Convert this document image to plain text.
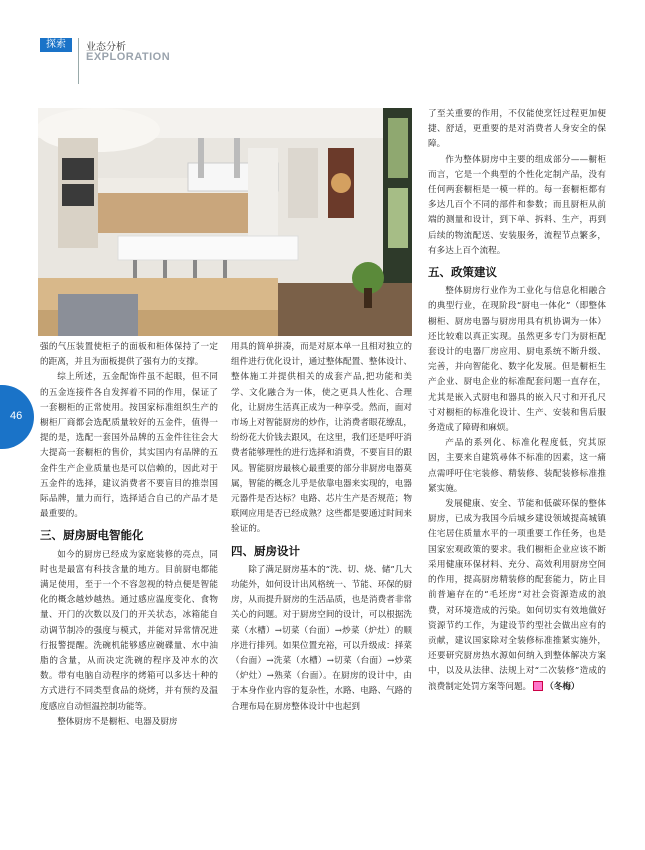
探索	业态分析
EXPLORATION
46

强的气压装置使柜子的面板和柜体保持了一定的距离，并且为面板提供了强有力的支撑。

综上所述，五金配饰件虽不起眼，但不同的五金连接件各自发挥着不同的作用，保证了一套橱柜的正常使用。按国家标准组织生产的橱柜厂商都会选配质量较好的五金件，值得一提的是，选配一套国外品牌的五金件往往会大大提高一套橱柜的售价，其实国内有品牌的五金件生产企业质量也是可以信赖的，因此对于五金件的选择，建议消费者不要盲目的推崇国际品牌，量力而行，选择适合自己的产品才是最重要的。

三、厨房厨电智能化

如今的厨房已经成为家庭装修的亮点，同时也是最富有科技含量的地方。目前厨电都能满足使用，至于一个不容忽视的特点便是智能化的概念越炒越热。通过感应温度变化、食物量、开门的次数以及门的开关状态，冰箱能自动调节制冷的强度与模式，并能对异常情况进行报警提醒。洗碗机能够感应碗碟量、水中油脂的含量，从而决定洗碗的程序及冲水的次数。带有电脑自动程序的烤箱可以多达十种的方式进行不同类型食品的烧烤，并有预约及温度感应自动恒温控制功能等。

整体厨房不是橱柜、电器及厨房

用具的简单拼凑，而是对原本单一且相对独立的组件进行优化设计，通过整体配置、整体设计、整体施工并提供相关的成套产品,把功能和美学、文化融合为一体，使之更具人性化、合理化，让厨房生活真正成为一种享受。然而，面对市场上对智能厨房的炒作，让消费者眼花缭乱，纷纷花大价钱去跟风，在这里，我们还是呼吁消费者能够理性的进行选择和消费，不要盲目的跟风。智能厨房最核心最重要的部分非厨房电器莫属，智能的概念儿乎是依靠电器来实现的，电器元器件是否达标？电路、芯片生产是否规范；物联网应用是否已经成熟？这些都是要通过时间来验证的。

四、厨房设计

除了满足厨房基本的“洗、切、烧、储”几大功能外，如何设计出风格统一、节能、环保的厨房，从而提升厨房的生活品质，也是消费者非常关心的问题。对于厨房空间的设计，可以根据洗菜（水槽）→切菜（台面）→炒菜（炉灶）的顺序进行排列。如果位置充裕，可以升级成：择菜（台面）→洗菜（水槽）→切菜（台面）→炒菜（炉灶）→熟菜（台面）。在厨房的设计中，由于本身作业内容的复杂性，水路、电路、气路的合理布局在厨房整体设计中也起到

了至关重要的作用，不仅能使烹饪过程更加便捷、舒适，更重要的是对消费者人身安全的保障。

作为整体厨房中主要的组成部分——橱柜而言，它是一个典型的个性化定制产品，没有任何两套橱柜是一模一样的。每一套橱柜都有多达几百个不同的部件和参数；而且厨柜从前端的测量和设计，到下单、拆料、生产，再到后续的物流配送、安装服务，流程节点繁多，有多达上百个流程。

五、政策建议

整体厨房行业作为工业化与信息化相融合的典型行业，在现阶段“厨电一体化”（即整体橱柜、厨房电器与厨房用具有机协调为一体）还比较难以真正实现。虽然更多专门为厨柜配套设计的电器厂房应用、厨电系统不断升级、完善，并向智能化、数字化发展。但是橱柜生产企业、厨电企业的标准配套问题一直存在，尤其是嵌入式厨电和器具的嵌入尺寸和开孔尺寸对橱柜的标准化设计、生产、安装和售后服务造成了障碍和麻烦。

产品的系列化、标准化程度低，究其原因，主要来自建筑尋体不标准的因素，这一痛点需呼吁住宅装修、精装修、装配装修标准推紧实施。

发展健康、安全、节能和低碳环保的整体厨房，已成为我国今后城乡建设领域提高城镇住宅居住质量水平的一项重要工作任务，也是国家宏观政策的要求。我们橱柜企业应该不断采用健康环保材料、充分、高效利用厨房空间的作用，提高厨房精装修的配套能力，防止目前普遍存在的“毛坯房”对社会资源造成的浪费，对环境造成的污染。如何切实有效地做好资源节约工作，为建设节约型社会做出应有的贡献，建议国家除对全装修标准推紧实施外，还要研究厨房热水源如何纳入到整体解决方案中，以及从法律、法规上对“二次装修”造成的浪费制定处罚方案等问题。 （冬梅）
